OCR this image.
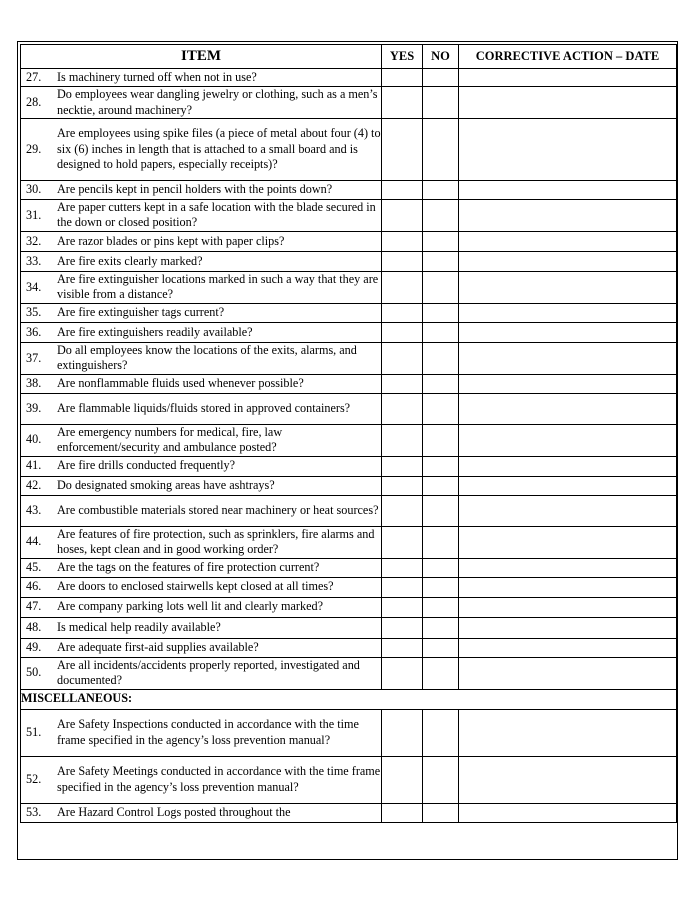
ITEM	YES	NO	CORRECTIVE ACTION – DATE

27. Is machinery turned off when not in use?			

28.
Do employees wear dangling jewelry or clothing, such as a men’s necktie, around machinery?			

29.
Are employees using spike files (a piece of metal about four (4) to six (6) inches in length that is attached to a small board and is designed to hold papers, especially receipts)?			

30. Are pencils kept in pencil holders with the points down?			

31.
Are paper cutters kept in a safe location with the blade secured in the down or closed position?			

32. Are razor blades or pins kept with paper clips?			

33. Are fire exits clearly marked?			

34.
Are fire extinguisher locations marked in such a way that they are visible from a distance?			

35. Are fire extinguisher tags current?			

36. Are fire extinguishers readily available?			

37.
Do all employees know the locations of the exits, alarms, and extinguishers?			

38. Are nonflammable fluids used whenever possible?			

39. Are flammable liquids/fluids stored in approved containers?			

40.
Are emergency numbers for medical, fire, law enforcement/security and ambulance posted?			

41. Are fire drills conducted frequently?			

42. Do designated smoking areas have ashtrays?			

43. Are combustible materials stored near machinery or heat sources?			

44.
Are features of fire protection, such as sprinklers, fire alarms and hoses, kept clean and in good working order?			

45. Are the tags on the features of fire protection current?			

46. Are doors to enclosed stairwells kept closed at all times?			

47. Are company parking lots well lit and clearly marked?			

48. Is medical help readily available?			

49. Are adequate first-aid supplies available?			

50.
Are all incidents/accidents properly reported, investigated and documented?			

MISCELLANEOUS:			

51.
Are Safety Inspections conducted in accordance with the time frame specified in the agency’s loss prevention manual?			

52.
Are Safety Meetings conducted in accordance with the time frame specified in the agency’s loss prevention manual?			

53. Are Hazard Control Logs posted throughout the			
